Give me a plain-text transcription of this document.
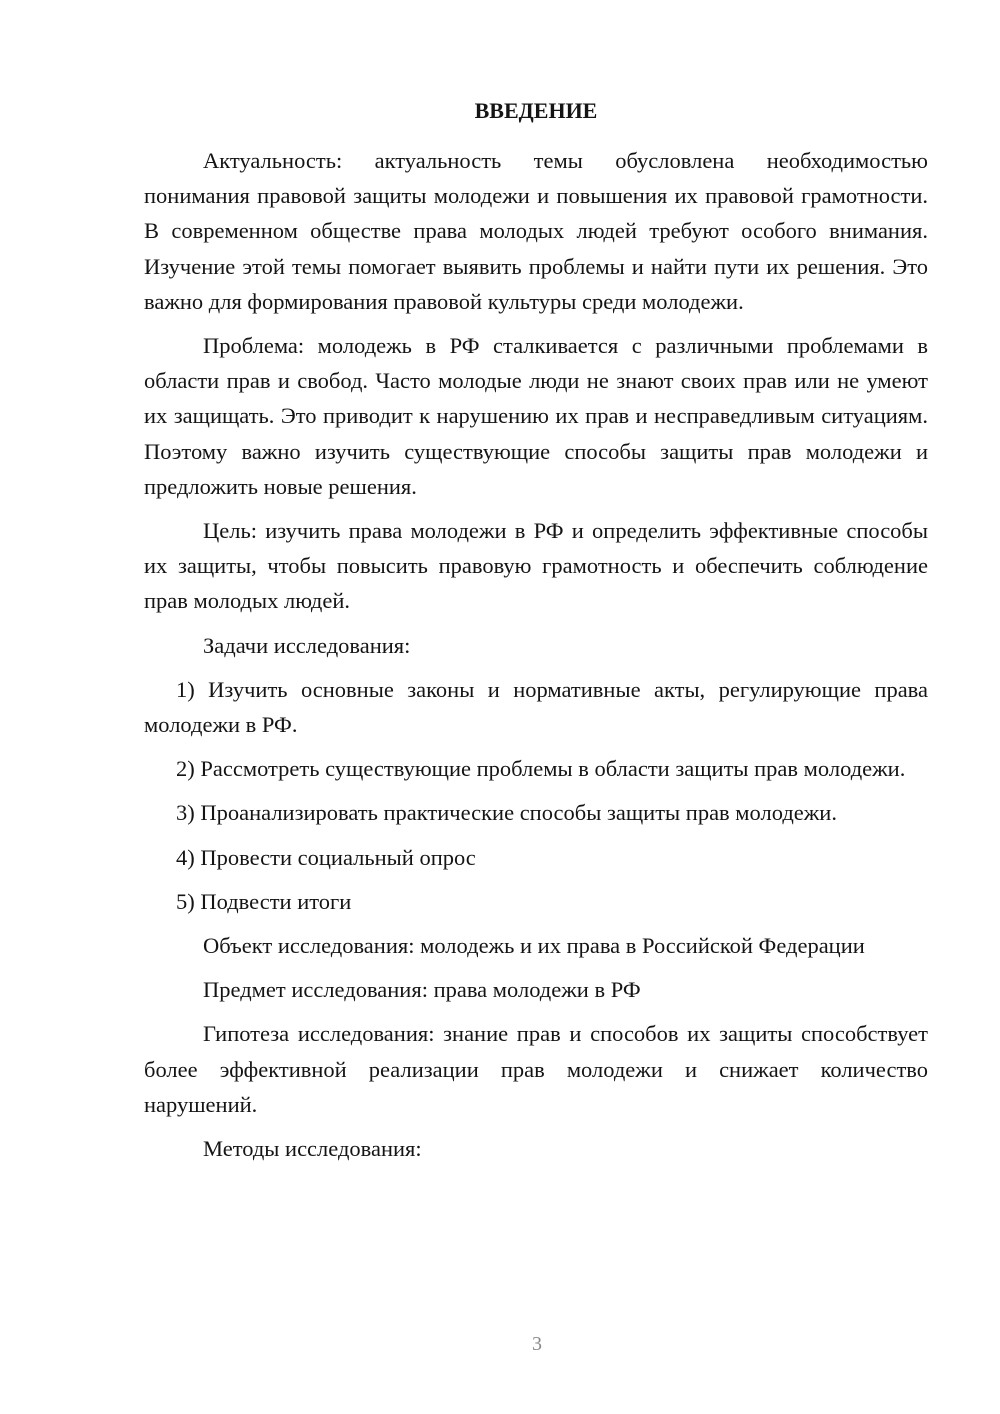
ВВЕДЕНИЕ

Актуальность: актуальность темы обусловлена необходимостью понимания правовой защиты молодежи и повышения их правовой грамотности. В современном обществе права молодых людей требуют особого внимания. Изучение этой темы помогает выявить проблемы и найти пути их решения. Это важно для формирования правовой культуры среди молодежи.

Проблема: молодежь в РФ сталкивается с различными проблемами в области прав и свобод. Часто молодые люди не знают своих прав или не умеют их защищать. Это приводит к нарушению их прав и несправедливым ситуациям. Поэтому важно изучить существующие способы защиты прав молодежи и предложить новые решения.

Цель: изучить права молодежи в РФ и определить эффективные способы их защиты, чтобы повысить правовую грамотность и обеспечить соблюдение прав молодых людей.

Задачи исследования:

1) Изучить основные законы и нормативные акты, регулирующие права молодежи в РФ.

2) Рассмотреть существующие проблемы в области защиты прав молодежи.

3) Проанализировать практические способы защиты прав молодежи.

4) Провести социальный опрос

5) Подвести итоги

Объект исследования: молодежь и их права в Российской Федерации

Предмет исследования: права молодежи в РФ

Гипотеза исследования: знание прав и способов их защиты способствует более эффективной реализации прав молодежи и снижает количество нарушений.

Методы исследования:

3
